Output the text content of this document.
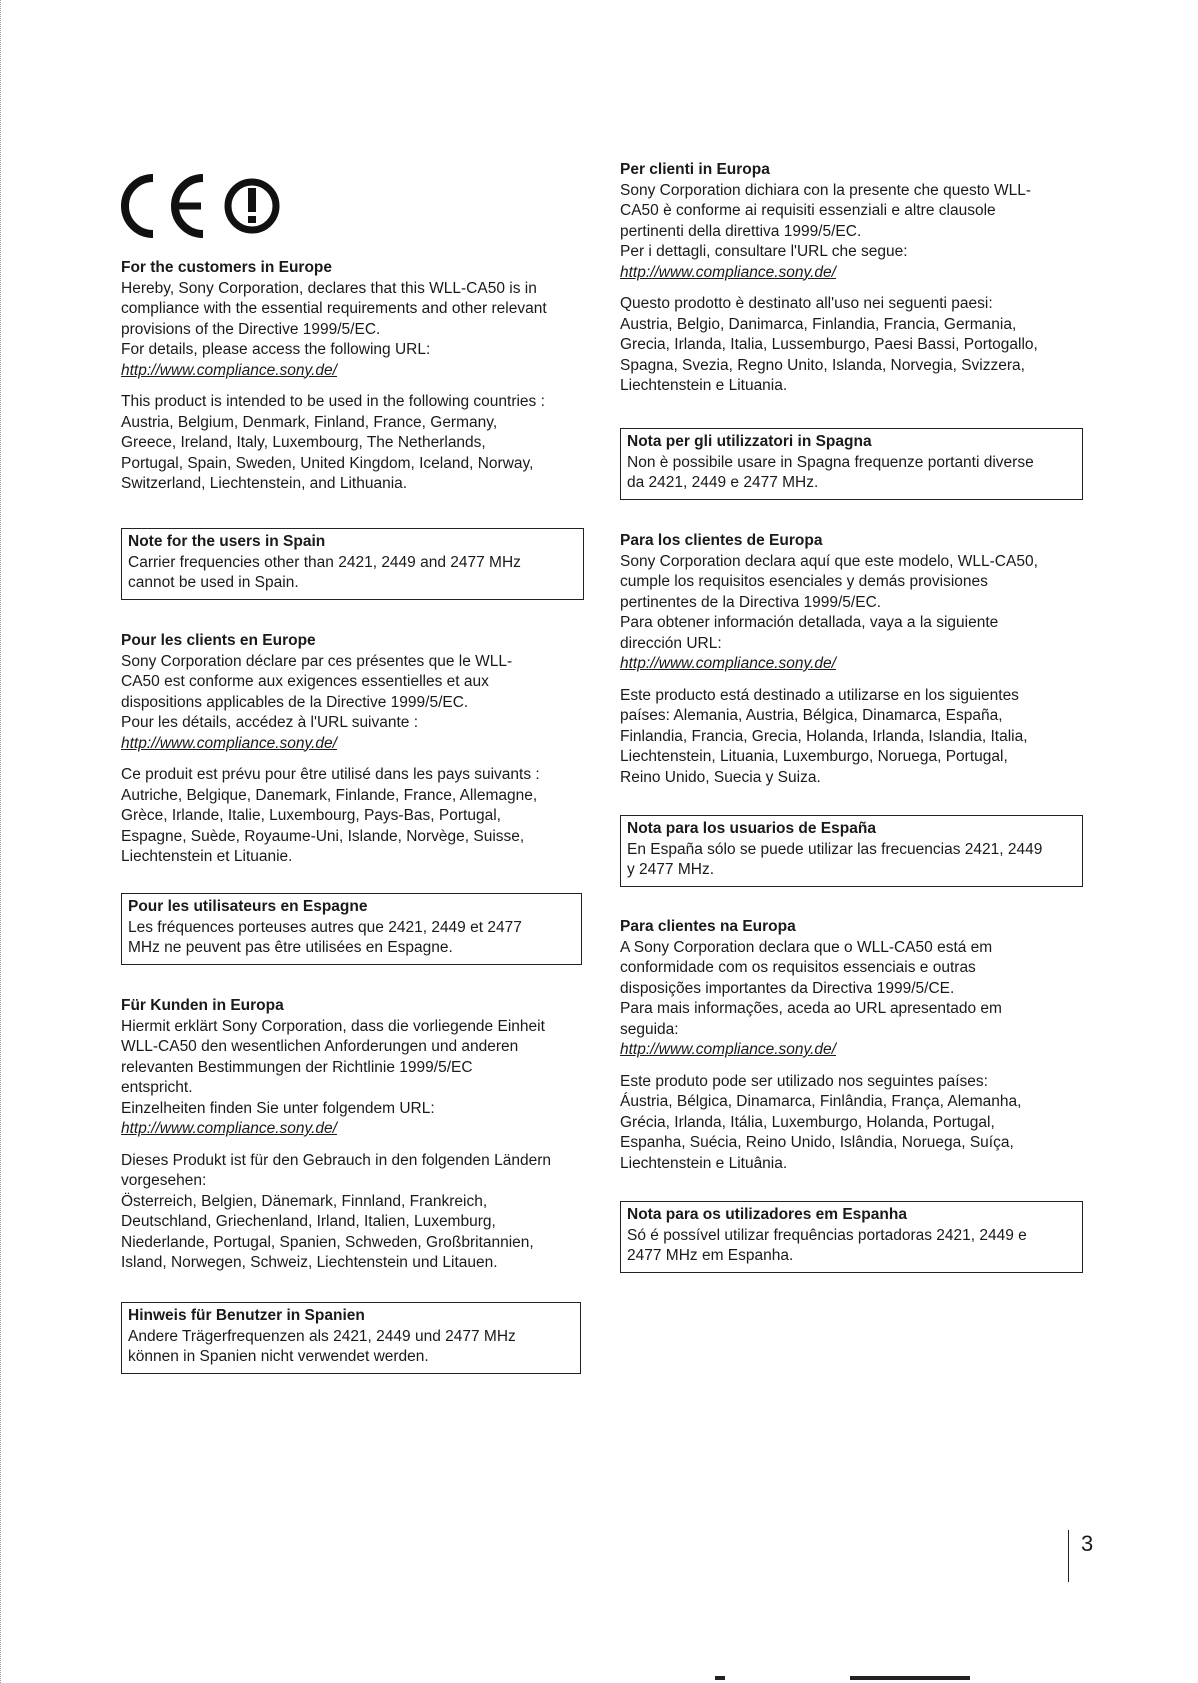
For the customers in Europe

Hereby, Sony Corporation, declares that this WLL-CA50 is in

compliance with the essential requirements and other relevant

provisions of the Directive 1999/5/EC.

For details, please access the following URL:

http://www.compliance.sony.de/

This product is intended to be used in the following countries :

Austria, Belgium, Denmark, Finland, France, Germany,

Greece, Ireland, Italy, Luxembourg, The Netherlands,

Portugal, Spain, Sweden, United Kingdom, Iceland, Norway,

Switzerland, Liechtenstein, and Lithuania.

Note for the users in Spain

Carrier frequencies other than 2421, 2449 and 2477 MHz

cannot be used in Spain.

Pour les clients en Europe

Sony Corporation déclare par ces présentes que le WLL-

CA50 est conforme aux exigences essentielles et aux

dispositions applicables de la Directive 1999/5/EC.

Pour les détails, accédez à l'URL suivante :

http://www.compliance.sony.de/

Ce produit est prévu pour être utilisé dans les pays suivants :

Autriche, Belgique, Danemark, Finlande, France, Allemagne,

Grèce, Irlande, Italie, Luxembourg, Pays-Bas, Portugal,

Espagne, Suède, Royaume-Uni, Islande, Norvège, Suisse,

Liechtenstein et Lituanie.

Pour les utilisateurs en Espagne

Les fréquences porteuses autres que 2421, 2449 et 2477

MHz ne peuvent pas être utilisées en Espagne.

Für Kunden in Europa

Hiermit erklärt Sony Corporation, dass die vorliegende Einheit

WLL-CA50 den wesentlichen Anforderungen und anderen

relevanten Bestimmungen der Richtlinie 1999/5/EC

entspricht.

Einzelheiten finden Sie unter folgendem URL:

http://www.compliance.sony.de/

Dieses Produkt ist für den Gebrauch in den folgenden Ländern

vorgesehen:

Österreich, Belgien, Dänemark, Finnland, Frankreich,

Deutschland, Griechenland, Irland, Italien, Luxemburg,

Niederlande, Portugal, Spanien, Schweden, Großbritannien,

Island, Norwegen, Schweiz, Liechtenstein und Litauen.

Hinweis für Benutzer in Spanien

Andere Trägerfrequenzen als 2421, 2449 und 2477 MHz

können in Spanien nicht verwendet werden.

Per clienti in Europa

Sony Corporation dichiara con la presente che questo WLL-

CA50 è conforme ai requisiti essenziali e altre clausole

pertinenti della direttiva 1999/5/EC.

Per i dettagli, consultare l'URL che segue:

http://www.compliance.sony.de/

Questo prodotto è destinato all'uso nei seguenti paesi:

Austria, Belgio, Danimarca, Finlandia, Francia, Germania,

Grecia, Irlanda, Italia, Lussemburgo, Paesi Bassi, Portogallo,

Spagna, Svezia, Regno Unito, Islanda, Norvegia, Svizzera,

Liechtenstein e Lituania.

Nota per gli utilizzatori in Spagna

Non è possibile usare in Spagna frequenze portanti diverse

da 2421, 2449 e 2477 MHz.

Para los clientes de Europa

Sony Corporation declara aquí que este modelo, WLL-CA50,

cumple los requisitos esenciales y demás provisiones

pertinentes de la Directiva 1999/5/EC.

Para obtener información detallada, vaya a la siguiente

dirección URL:

http://www.compliance.sony.de/

Este producto está destinado a utilizarse en los siguientes

países: Alemania, Austria, Bélgica, Dinamarca, España,

Finlandia, Francia, Grecia, Holanda, Irlanda, Islandia, Italia,

Liechtenstein, Lituania, Luxemburgo, Noruega, Portugal,

Reino Unido, Suecia y Suiza.

Nota para los usuarios de España

En España sólo se puede utilizar las frecuencias 2421, 2449

y 2477 MHz.

Para clientes na Europa

A Sony Corporation declara que o WLL-CA50 está em

conformidade com os requisitos essenciais e outras

disposições importantes da Directiva 1999/5/CE.

Para mais informações, aceda ao URL apresentado em

seguida:

http://www.compliance.sony.de/

Este produto pode ser utilizado nos seguintes países:

Áustria, Bélgica, Dinamarca, Finlândia, França, Alemanha,

Grécia, Irlanda, Itália, Luxemburgo, Holanda, Portugal,

Espanha, Suécia, Reino Unido, Islândia, Noruega, Suíça,

Liechtenstein e Lituânia.

Nota para os utilizadores em Espanha

Só é possível utilizar frequências portadoras 2421, 2449 e

2477 MHz em Espanha.

3
